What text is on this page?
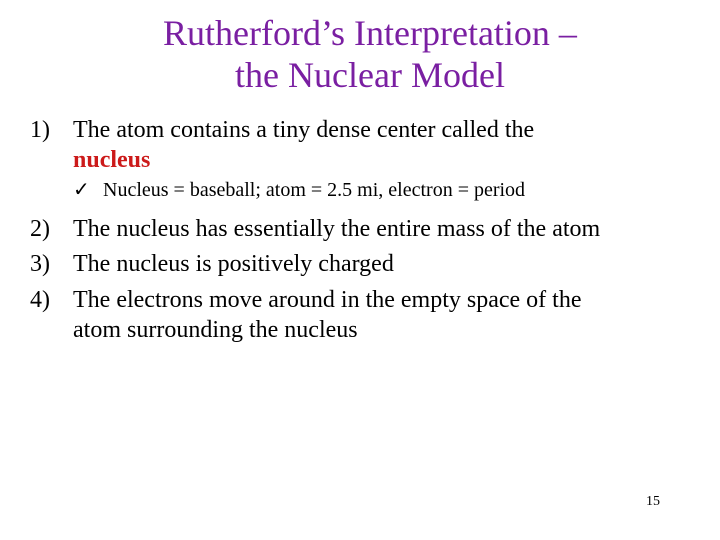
Rutherford’s Interpretation –
the Nuclear Model
1) The atom contains a tiny dense center called the
nucleus
✓ Nucleus = baseball; atom = 2.5 mi, electron = period
2) The nucleus has essentially the entire mass of the atom
3) The nucleus is positively charged
4) The electrons move around in the empty space of the
atom surrounding the nucleus
15
